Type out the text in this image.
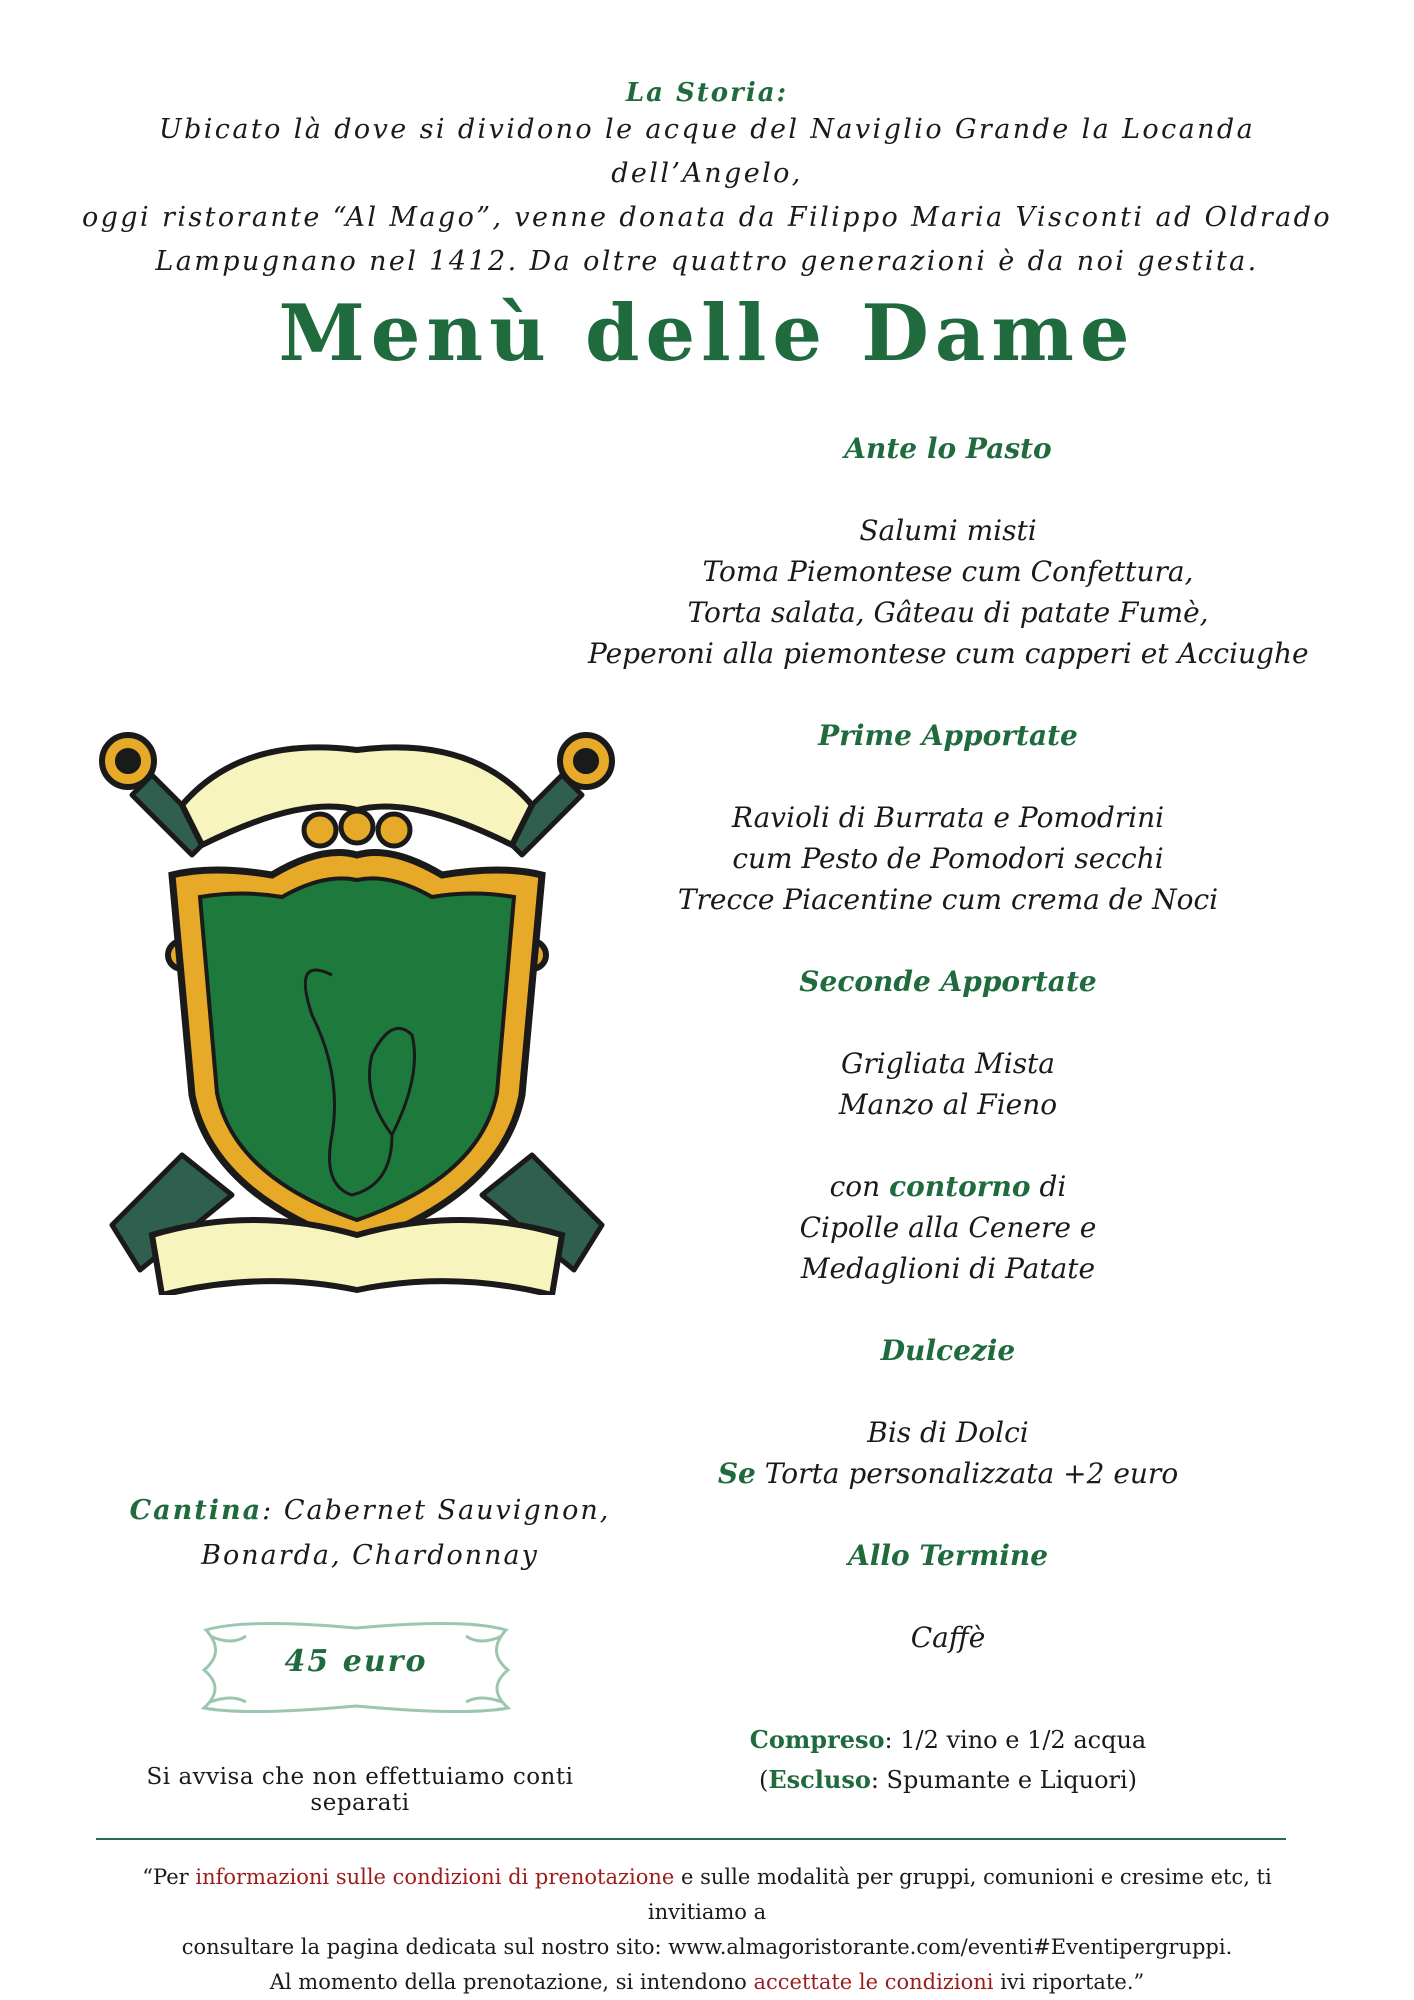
La Storia:
Ubicato là dove si dividono le acque del Naviglio Grande la Locanda dell’Angelo,
oggi ristorante “Al Mago”, venne donata da Filippo Maria Visconti ad Oldrado
Lampugnano nel 1412. Da oltre quattro generazioni è da noi gestita.
Menù delle Dame
Ante lo Pasto
Salumi misti
Toma Piemontese cum Confettura,
Torta salata, Gâteau di patate Fumè,
Peperoni alla piemontese cum capperi et Acciughe
Prime Apportate
Ravioli di Burrata e Pomodrini
cum Pesto de Pomodori secchi
Trecce Piacentine cum crema de Noci
Seconde Apportate
Grigliata Mista
Manzo al Fieno
con contorno di
Cipolle alla Cenere e
Medaglioni di Patate
Dulcezie
Bis di Dolci
Se Torta personalizzata +2 euro
Allo Termine
Caffè
Compreso: 1/2 vino e 1/2 acqua
(Escluso: Spumante e Liquori)
Cantina: Cabernet Sauvignon,
Bonarda, Chardonnay
45 euro
Si avvisa che non effettuiamo conti separati
“Per informazioni sulle condizioni di prenotazione e sulle modalità per gruppi, comunioni e cresime etc, ti invitiamo a
consultare la pagina dedicata sul nostro sito: www.almagoristorante.com/eventi#Eventipergruppi.
Al momento della prenotazione, si intendono accettate le condizioni ivi riportate.”
